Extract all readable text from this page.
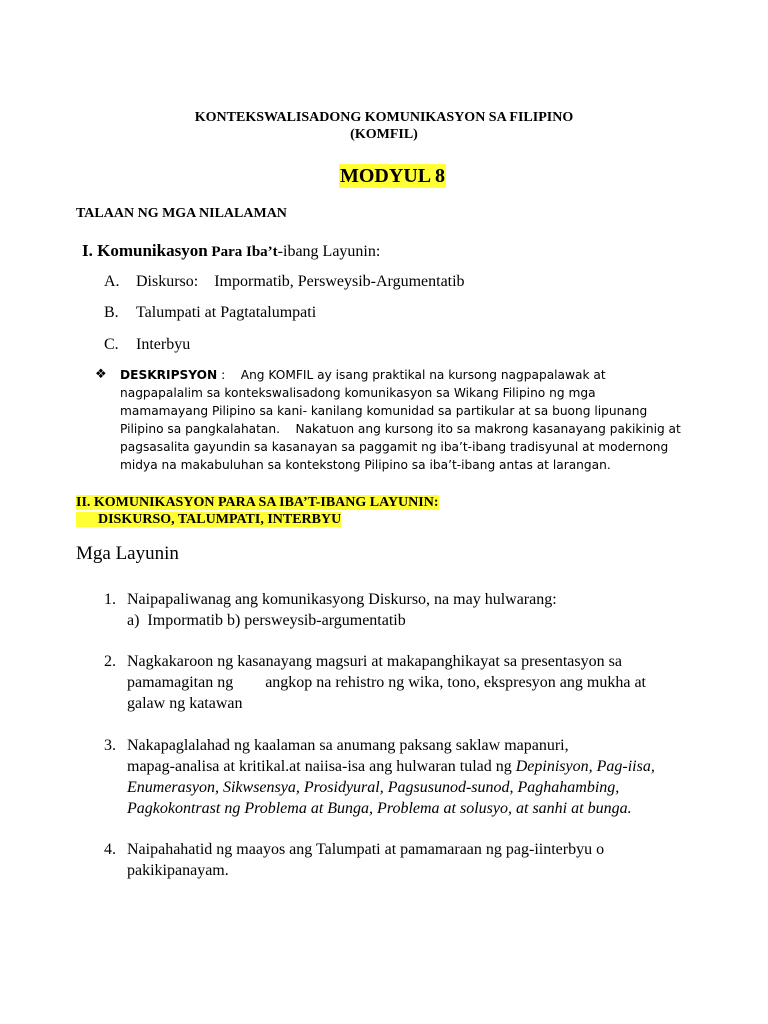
KONTEKSWALISADONG KOMUNIKASYON SA FILIPINO
(KOMFIL)
MODYUL 8
TALAAN NG MGA NILALAMAN
I. Komunikasyon Para Iba’t-ibang Layunin:
A. Diskurso:    Impormatib, Persweysib-Argumentatib
B. Talumpati at Pagtatalumpati
C. Interbyu
❖ DESKRIPSYON :    Ang KOMFIL ay isang praktikal na kursong nagpapalawak at
nagpapalalim sa kontekswalisadong komunikasyon sa Wikang Filipino ng mga
mamamayang Pilipino sa kani- kanilang komunidad sa partikular at sa buong lipunang
Pilipino sa pangkalahatan.    Nakatuon ang kursong ito sa makrong kasanayang pakikinig at
pagsasalita gayundin sa kasanayan sa paggamit ng iba’t-ibang tradisyunal at modernong
midya na makabuluhan sa kontekstong Pilipino sa iba’t-ibang antas at larangan.
II. KOMUNIKASYON PARA SA IBA’T-IBANG LAYUNIN:
DISKURSO, TALUMPATI, INTERBYU
Mga Layunin
1. Naipapaliwanag ang komunikasyong Diskurso, na may hulwarang:
a)  Impormatib b) persweysib-argumentatib
2. Nagkakaroon ng kasanayang magsuri at makapanghikayat sa presentasyon sa
pamamagitan ng        angkop na rehistro ng wika, tono, ekspresyon ang mukha at
galaw ng katawan
3. Nakapaglalahad ng kaalaman sa anumang paksang saklaw mapanuri,
mapag-analisa at kritikal.at naiisa-isa ang hulwaran tulad ng Depinisyon, Pag-iisa,
Enumerasyon, Sikwsensya, Prosidyural, Pagsusunod-sunod, Paghahambing,
Pagkokontrast ng Problema at Bunga, Problema at solusyo, at sanhi at bunga.
4. Naipahahatid ng maayos ang Talumpati at pamamaraan ng pag-iinterbyu o
pakikipanayam.
